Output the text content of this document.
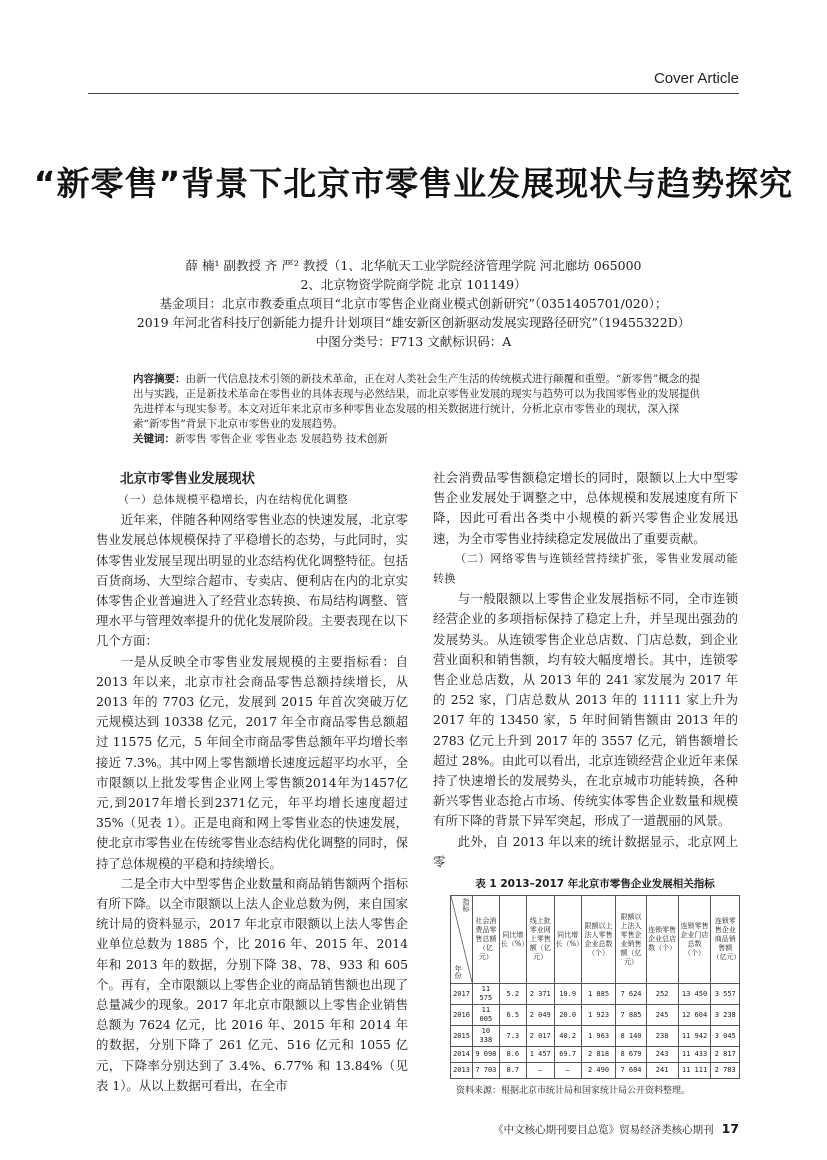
Cover Article
“新零售”背景下北京市零售业发展现状与趋势探究
薛 楠¹ 副教授 齐 严² 教授（1、北华航天工业学院经济管理学院 河北廊坊 065000
2、北京物资学院商学院 北京 101149）
基金项目：北京市教委重点项目“北京市零售企业商业模式创新研究”（0351405701/020）；
2019 年河北省科技厅创新能力提升计划项目“雄安新区创新驱动发展实现路径研究”（19455322D）
中图分类号：F713 文献标识码：A

内容摘要：由新一代信息技术引领的新技术革命，正在对人类社会生产生活的传统模式进行颠覆和重塑。“新零售”概念的提出与实践，正是新技术革命在零售业的具体表现与必然结果，而北京零售业发展的现实与趋势可以为我国零售业的发展提供先进样本与现实参考。本文对近年来北京市多种零售业态发展的相关数据进行统计，分析北京市零售业的现状，深入探索“新零售”背景下北京市零售业的发展趋势。

关键词：新零售 零售企业 零售业态 发展趋势 技术创新

北京市零售业发展现状
（一）总体规模平稳增长，内在结构优化调整

近年来，伴随各种网络零售业态的快速发展，北京零售业发展总体规模保持了平稳增长的态势，与此同时，实体零售业发展呈现出明显的业态结构优化调整特征。包括百货商场、大型综合超市、专卖店、便利店在内的北京实体零售企业普遍进入了经营业态转换、布局结构调整、管理水平与管理效率提升的优化发展阶段。主要表现在以下几个方面：

一是从反映全市零售业发展规模的主要指标看：自 2013 年以来，北京市社会商品零售总额持续增长，从 2013 年的 7703 亿元，发展到 2015 年首次突破万亿元规模达到 10338 亿元，2017 年全市商品零售总额超过 11575 亿元，5 年间全市商品零售总额年平均增长率接近 7.3%。其中网上零售额增长速度远超平均水平，全市限额以上批发零售企业网上零售额2014年为1457亿元,到2017年增长到2371亿元，年平均增长速度超过 35%（见表 1）。正是电商和网上零售业态的快速发展，使北京市零售业在传统零售业态结构优化调整的同时，保持了总体规模的平稳和持续增长。

二是全市大中型零售企业数量和商品销售额两个指标有所下降。以全市限额以上法人企业总数为例，来自国家统计局的资料显示，2017 年北京市限额以上法人零售企业单位总数为 1885 个，比 2016 年、2015 年、2014 年和 2013 年的数据，分别下降 38、78、933 和 605 个。再有，全市限额以上零售企业的商品销售额也出现了总量减少的现象。2017 年北京市限额以上零售企业销售总额为 7624 亿元，比 2016 年、2015 年和 2014 年的数据，分别下降了 261 亿元、516 亿元和 1055 亿元，下降率分别达到了 3.4%、6.77% 和 13.84%（见表 1）。从以上数据可看出，在全市

社会消费品零售额稳定增长的同时，限额以上大中型零售企业发展处于调整之中，总体规模和发展速度有所下降，因此可看出各类中小规模的新兴零售企业发展迅速，为全市零售业持续稳定发展做出了重要贡献。

（二）网络零售与连锁经营持续扩张，零售业发展动能转换

与一般限额以上零售企业发展指标不同，全市连锁经营企业的多项指标保持了稳定上升，并呈现出强劲的发展势头。从连锁零售企业总店数、门店总数，到企业营业面积和销售额，均有较大幅度增长。其中，连锁零售企业总店数，从 2013 年的 241 家发展为 2017 年的 252 家，门店总数从 2013 年的 11111 家上升为 2017 年的 13450 家，5 年时间销售额由 2013 年的 2783 亿元上升到 2017 年的 3557 亿元，销售额增长超过 28%。由此可以看出，北京连锁经营企业近年来保持了快速增长的发展势头，在北京城市功能转换，各种新兴零售业态抢占市场、传统实体零售企业数量和规模有所下降的背景下异军突起，形成了一道靓丽的风景。

此外，自 2013 年以来的统计数据显示，北京网上零

表 1 2013–2017 年北京市零售企业发展相关指标
指标
年份	社会消费品零售总额（亿元）	同比增长（%）	线上批零业网上零售额（亿元）	同比增长（%）	限额以上法人零售企业总数（个）	限额以上法人零售企业销售额（亿元）	连锁零售企业总店数（个）	连锁零售企业门店总数（个）	连锁零售企业商品销售额（亿元）
2017	11 575	5.2	2 371	10.9	1 885	7 624	252	13 450	3 557
2016	11 005	6.5	2 049	20.0	1 923	7 885	245	12 604	3 238
2015	10 338	7.3	2 017	40.2	1 963	8 140	238	11 942	3 045
2014	9 098	8.6	1 457	69.7	2 818	8 679	243	11 433	2 817
2013	7 703	8.7	–	–	2 490	7 604	241	11 111	2 783
资料来源：根据北京市统计局和国家统计局公开资料整理。
《中文核心期刊要目总览》贸易经济类核心期刊 17
